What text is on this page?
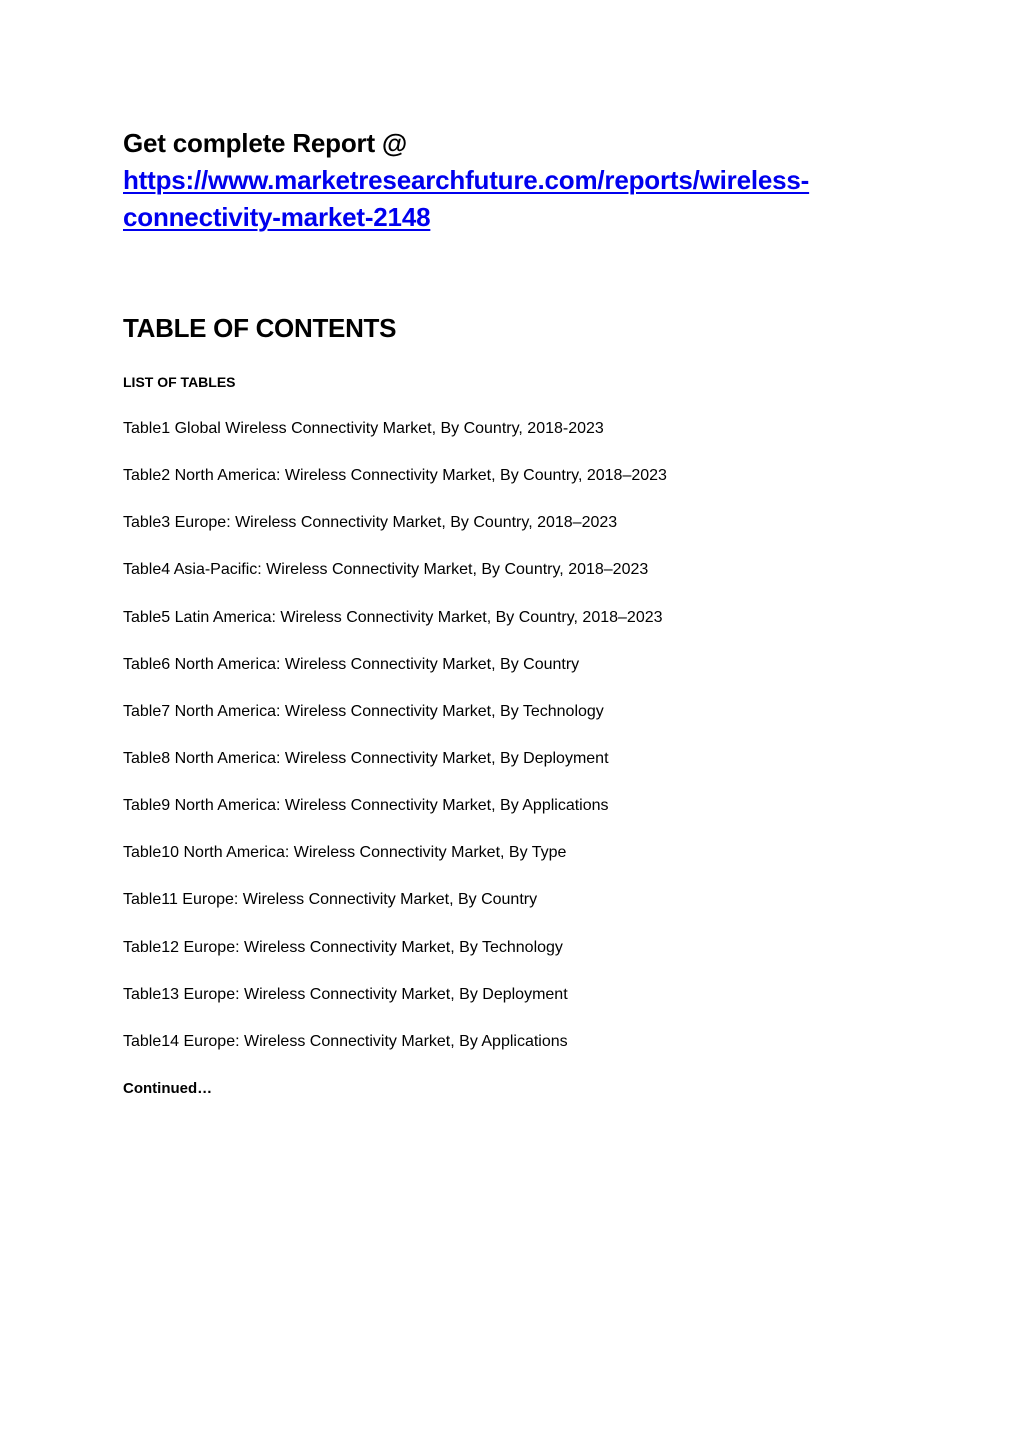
Get complete Report @
https://www.marketresearchfuture.com/reports/wireless-
connectivity-market-2148
TABLE OF CONTENTS
LIST OF TABLES
Table1 Global Wireless Connectivity Market, By Country, 2018-2023
Table2 North America: Wireless Connectivity Market, By Country, 2018–2023
Table3 Europe: Wireless Connectivity Market, By Country, 2018–2023
Table4 Asia-Pacific: Wireless Connectivity Market, By Country, 2018–2023
Table5 Latin America: Wireless Connectivity Market, By Country, 2018–2023
Table6 North America: Wireless Connectivity Market, By Country
Table7 North America: Wireless Connectivity Market, By Technology
Table8 North America: Wireless Connectivity Market, By Deployment
Table9 North America: Wireless Connectivity Market, By Applications
Table10 North America: Wireless Connectivity Market, By Type
Table11 Europe: Wireless Connectivity Market, By Country
Table12 Europe: Wireless Connectivity Market, By Technology
Table13 Europe: Wireless Connectivity Market, By Deployment
Table14 Europe: Wireless Connectivity Market, By Applications

Continued…
